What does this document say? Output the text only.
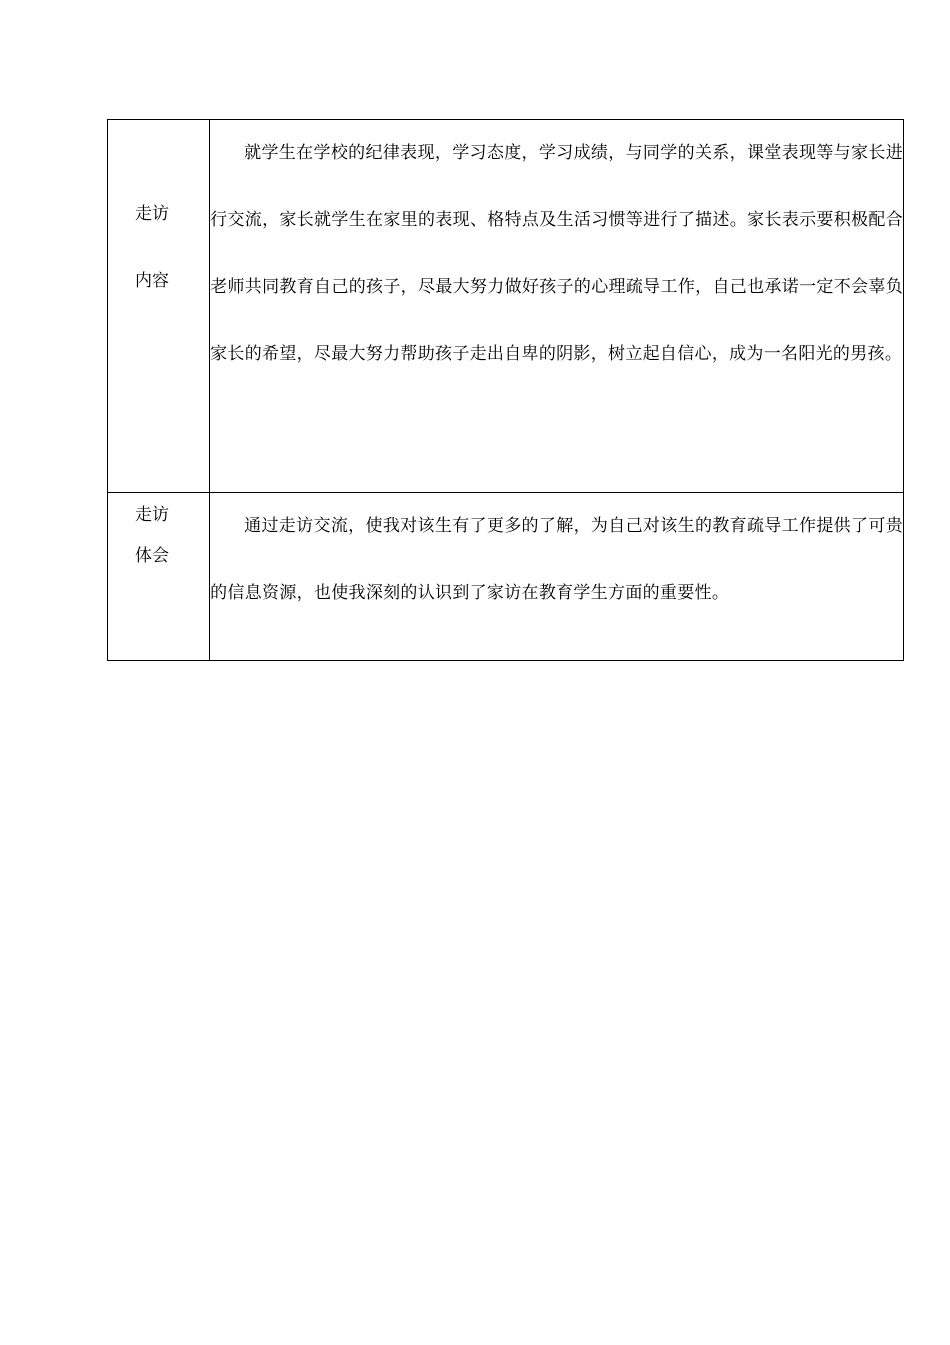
走访
内容	就学生在学校的纪律表现，学习态度，学习成绩，与同学的关系，课堂表现等与家长进行交流，家长就学生在家里的表现、格特点及生活习惯等进行了描述。家长表示要积极配合老师共同教育自己的孩子，尽最大努力做好孩子的心理疏导工作，自己也承诺一定不会辜负家长的希望，尽最大努力帮助孩子走出自卑的阴影，树立起自信心，成为一名阳光的男孩。

走访
体会	通过走访交流，使我对该生有了更多的了解，为自己对该生的教育疏导工作提供了可贵的信息资源，也使我深刻的认识到了家访在教育学生方面的重要性。
